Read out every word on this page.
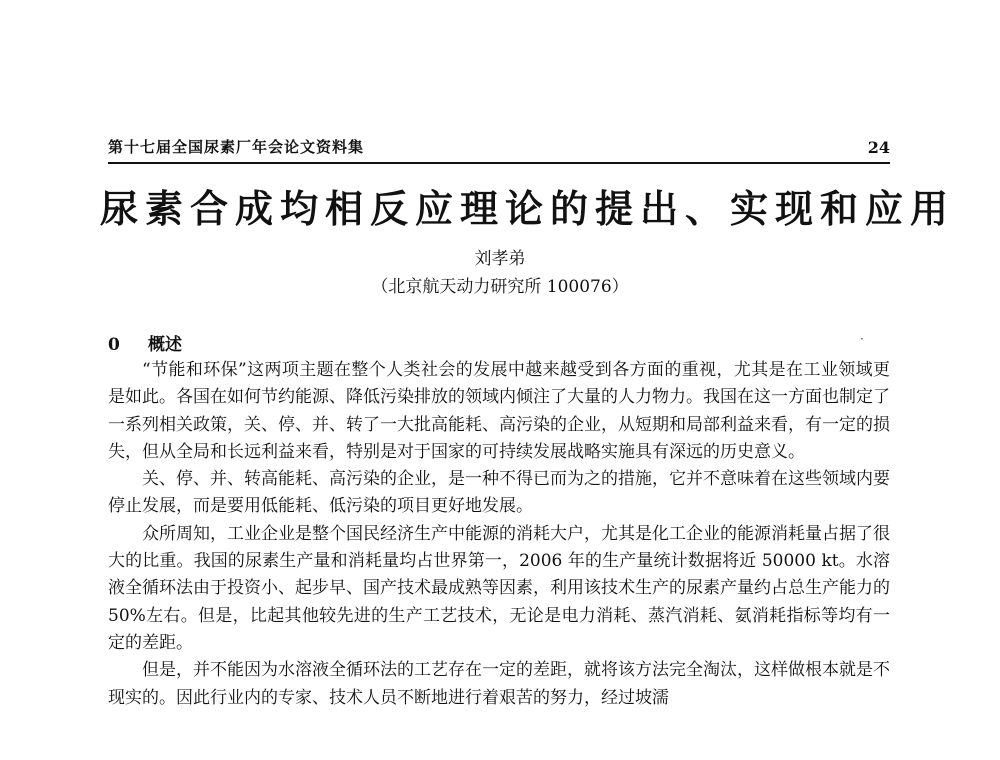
第十七届全国尿素厂年会论文资料集	24
尿素合成均相反应理论的提出、实现和应用
刘孝弟
（北京航天动力研究所 100076）
0 概述	·

“节能和环保”这两项主题在整个人类社会的发展中越来越受到各方面的重视，尤其是在工业领域更是如此。各国在如何节约能源、降低污染排放的领域内倾注了大量的人力物力。我国在这一方面也制定了一系列相关政策，关、停、并、转了一大批高能耗、高污染的企业，从短期和局部利益来看，有一定的损失，但从全局和长远利益来看，特别是对于国家的可持续发展战略实施具有深远的历史意义。

关、停、并、转高能耗、高污染的企业，是一种不得已而为之的措施，它并不意味着在这些领域内要停止发展，而是要用低能耗、低污染的项目更好地发展。

众所周知，工业企业是整个国民经济生产中能源的消耗大户，尤其是化工企业的能源消耗量占据了很大的比重。我国的尿素生产量和消耗量均占世界第一，2006 年的生产量统计数据将近 50000 kt。水溶液全循环法由于投资小、起步早、国产技术最成熟等因素，利用该技术生产的尿素产量约占总生产能力的 50%左右。但是，比起其他较先进的生产工艺技术，无论是电力消耗、蒸汽消耗、氨消耗指标等均有一定的差距。

但是，并不能因为水溶液全循环法的工艺存在一定的差距，就将该方法完全淘汰，这样做根本就是不现实的。因此行业内的专家、技术人员不断地进行着艰苦的努力，经过坡濡
